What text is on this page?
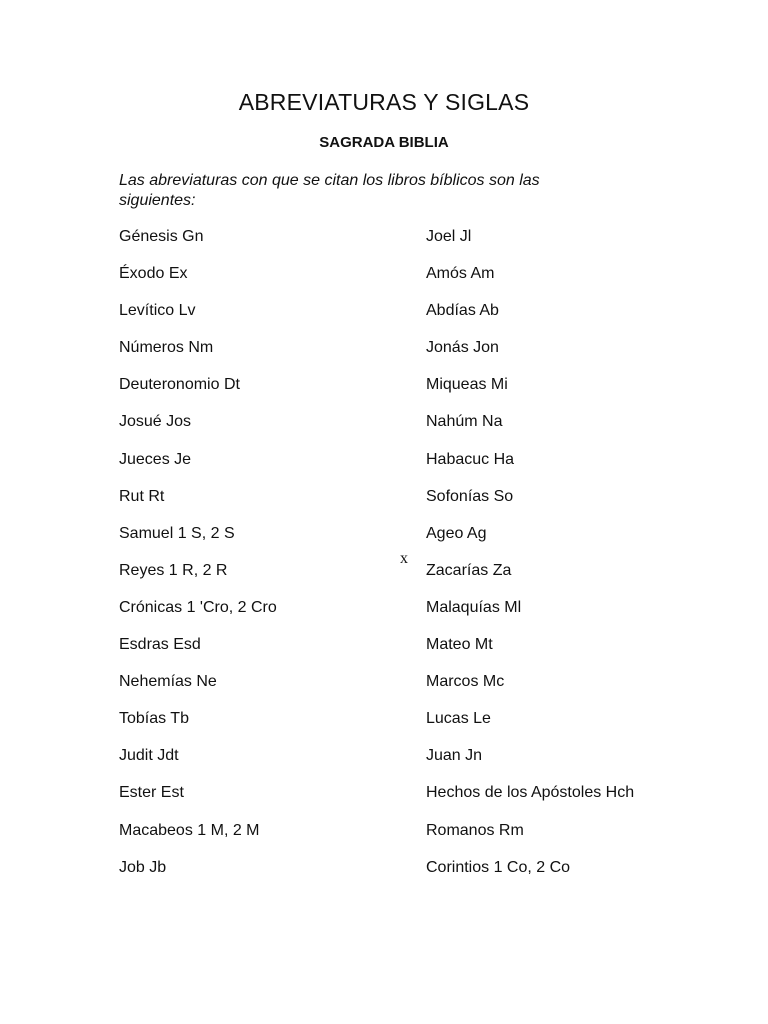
ABREVIATURAS Y SIGLAS
SAGRADA BIBLIA
Las abreviaturas con que se citan los libros bíblicos son las siguientes:
Génesis Gn
Éxodo Ex
Levítico Lv
Números Nm
Deuteronomio Dt
Josué Jos
Jueces Je
Rut Rt
Samuel 1 S, 2 S
Reyes 1 R, 2 R
Crónicas 1 'Cro, 2 Cro
Esdras Esd
Nehemías Ne
Tobías Tb
Judit Jdt
Ester Est
Macabeos 1 M, 2 M
Job Jb
x
Joel Jl
Amós Am
Abdías Ab
Jonás Jon
Miqueas Mi
Nahúm Na
Habacuc Ha
Sofonías So
Ageo Ag
Zacarías Za
Malaquías Ml
Mateo Mt
Marcos Mc
Lucas Le
Juan Jn
Hechos de los Apóstoles Hch
Romanos Rm
Corintios 1 Co, 2 Co
